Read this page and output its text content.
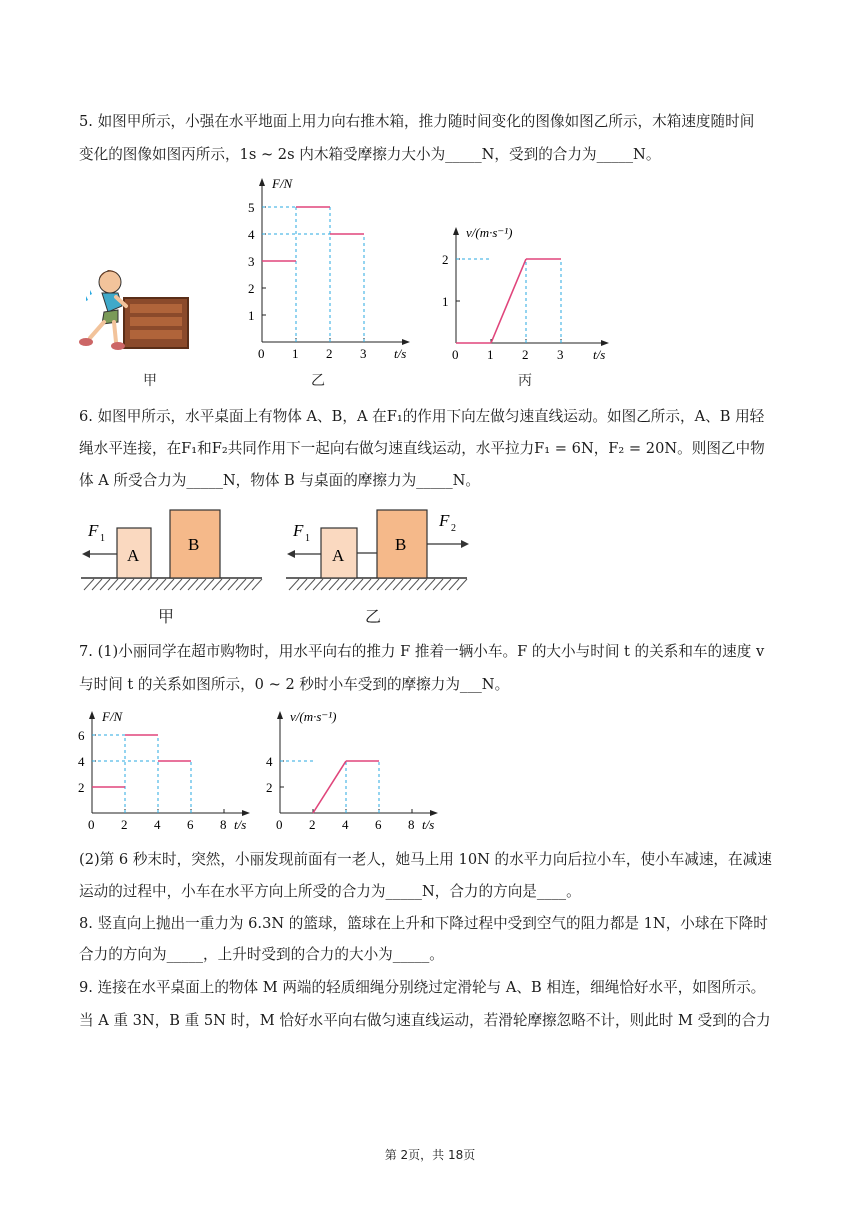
5. 如图甲所示，小强在水平地面上用力向右推木箱，推力随时间变化的图像如图乙所示，木箱速度随时间
变化的图像如图丙所示，1s ~ 2s 内木箱受摩擦力大小为_____N，受到的合力为_____N。
甲
F/N
t/s
0 1 2 3
1
2
3
4
5
乙
v/(m·s⁻¹)
t/s
0 1 2 3
1
2
丙
6. 如图甲所示，水平桌面上有物体 A、B，A 在F₁的作用下向左做匀速直线运动。如图乙所示，A、B 用轻
绳水平连接，在F₁和F₂共同作用下一起向右做匀速直线运动，水平拉力F₁ = 6N，F₂ = 20N。则图乙中物
体 A 所受合力为_____N，物体 B 与桌面的摩擦力为_____N。
F 1
A
B
甲
F 1
F 2
A
B
乙
7. (1)小丽同学在超市购物时，用水平向右的推力 F 推着一辆小车。F 的大小与时间 t 的关系和车的速度 v
与时间 t 的关系如图所示，0 ~ 2 秒时小车受到的摩擦力为___N。
F/N
t/s
0 2 4 6 8
2
4
6
v/(m·s⁻¹)
t/s
0 2 4 6 8
2
4
(2)第 6 秒末时，突然，小丽发现前面有一老人，她马上用 10N 的水平力向后拉小车，使小车减速，在减速
运动的过程中，小车在水平方向上所受的合力为_____N，合力的方向是____。
8. 竖直向上抛出一重力为 6.3N 的篮球，篮球在上升和下降过程中受到空气的阻力都是 1N，小球在下降时
合力的方向为_____，上升时受到的合力的大小为_____。
9. 连接在水平桌面上的物体 M 两端的轻质细绳分别绕过定滑轮与 A、B 相连，细绳恰好水平，如图所示。
当 A 重 3N，B 重 5N 时，M 恰好水平向右做匀速直线运动，若滑轮摩擦忽略不计，则此时 M 受到的合力
第 2页，共 18页
